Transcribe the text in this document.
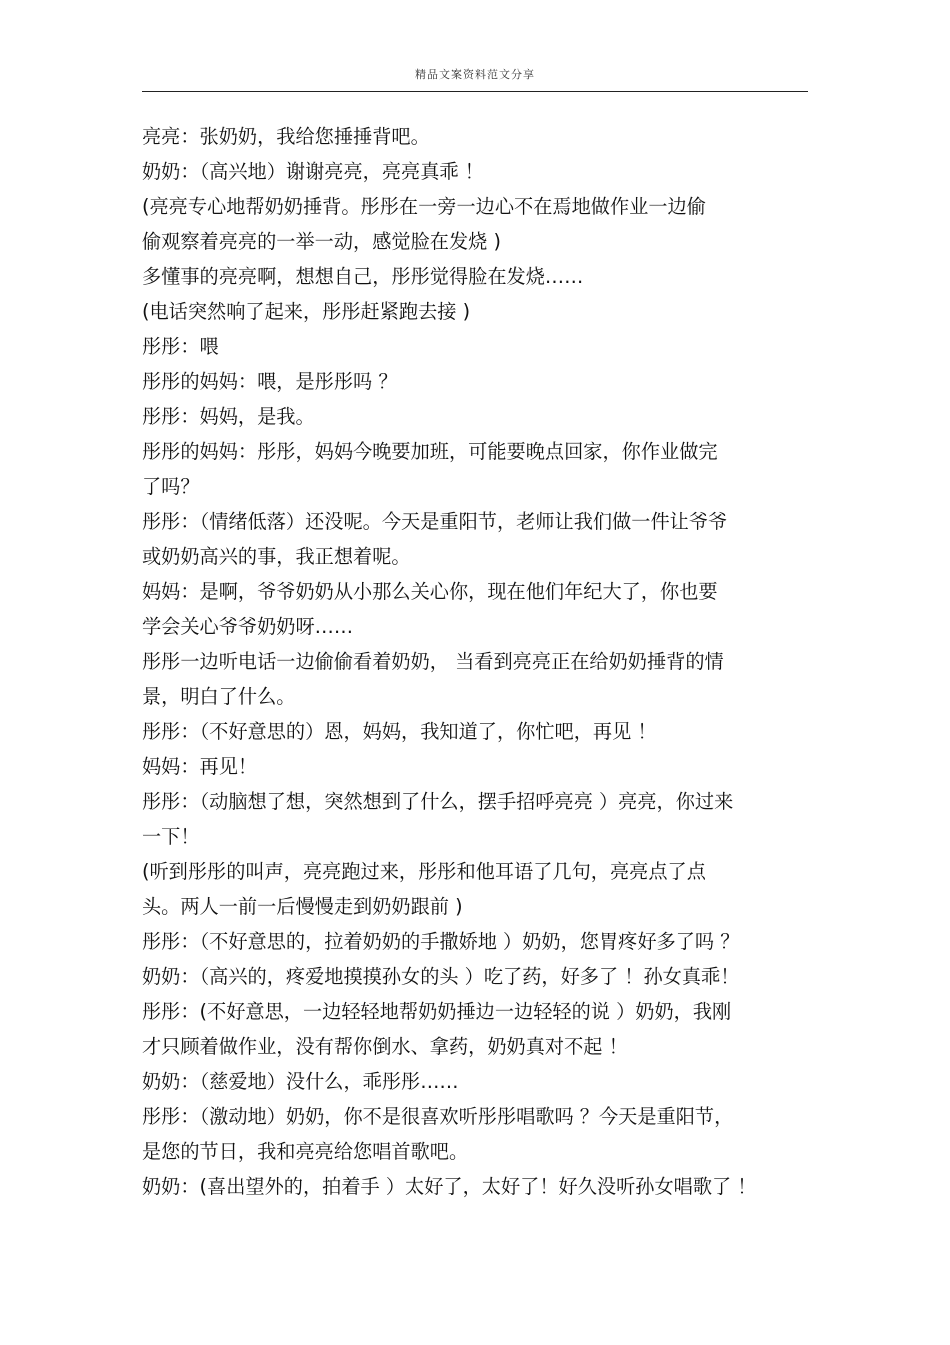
精品文案资料范文分享
亮亮：张奶奶，我给您捶捶背吧。
奶奶：（高兴地）谢谢亮亮，亮亮真乖 ！
(亮亮专心地帮奶奶捶背。彤彤在一旁一边心不在焉地做作业一边偷
偷观察着亮亮的一举一动，感觉脸在发烧 )
多懂事的亮亮啊，想想自己，彤彤觉得脸在发烧……
(电话突然响了起来，彤彤赶紧跑去接 )
彤彤：喂
彤彤的妈妈：喂，是彤彤吗 ？
彤彤：妈妈，是我。
彤彤的妈妈：彤彤，妈妈今晚要加班，可能要晚点回家，你作业做完
了吗？
彤彤：（情绪低落）还没呢。今天是重阳节，老师让我们做一件让爷爷
或奶奶高兴的事，我正想着呢。
妈妈：是啊，爷爷奶奶从小那么关心你，现在他们年纪大了，你也要
学会关心爷爷奶奶呀……
彤彤一边听电话一边偷偷看着奶奶， 当看到亮亮正在给奶奶捶背的情
景，明白了什么。
彤彤：（不好意思的）恩，妈妈，我知道了，你忙吧，再见 ！
妈妈：再见！
彤彤：（动脑想了想，突然想到了什么，摆手招呼亮亮 ）亮亮，你过来
一下！
(听到彤彤的叫声，亮亮跑过来，彤彤和他耳语了几句，亮亮点了点
头。两人一前一后慢慢走到奶奶跟前 )
彤彤：（不好意思的，拉着奶奶的手撒娇地 ）奶奶，您胃疼好多了吗 ？
奶奶：（高兴的，疼爱地摸摸孙女的头 ）吃了药，好多了 ！孙女真乖！
彤彤：(不好意思，一边轻轻地帮奶奶捶边一边轻轻的说 ）奶奶，我刚
才只顾着做作业，没有帮你倒水、拿药，奶奶真对不起 ！
奶奶：（慈爱地）没什么，乖彤彤……
彤彤：（激动地）奶奶，你不是很喜欢听彤彤唱歌吗 ？今天是重阳节，
是您的节日，我和亮亮给您唱首歌吧。
奶奶：(喜出望外的，拍着手 ）太好了，太好了！好久没听孙女唱歌了 ！
